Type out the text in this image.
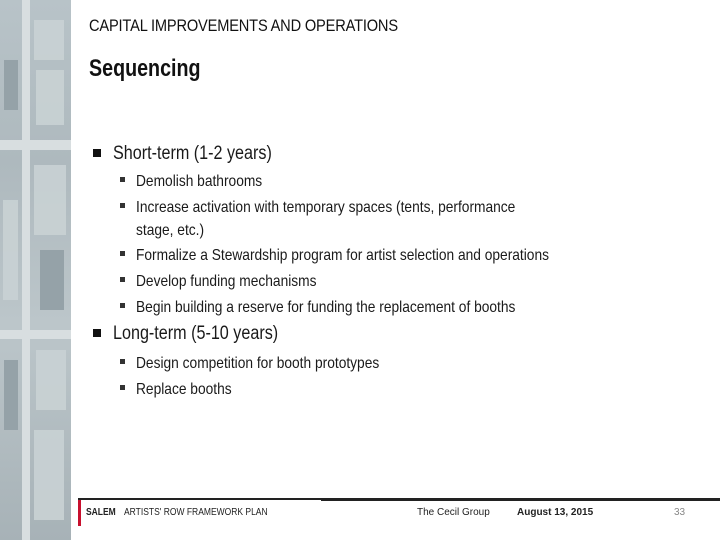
CAPITAL IMPROVEMENTS AND OPERATIONS
Sequencing
Short-term (1-2 years)
Demolish bathrooms
Increase activation with temporary spaces (tents, performance
stage, etc.)
Formalize a Stewardship program for artist selection and operations
Develop funding mechanisms
Begin building a reserve for funding the replacement of booths
Long-term (5-10 years)
Design competition for booth prototypes
Replace booths
SALEM ARTISTS' ROW FRAMEWORK PLAN	The Cecil Group	August 13, 2015	33
